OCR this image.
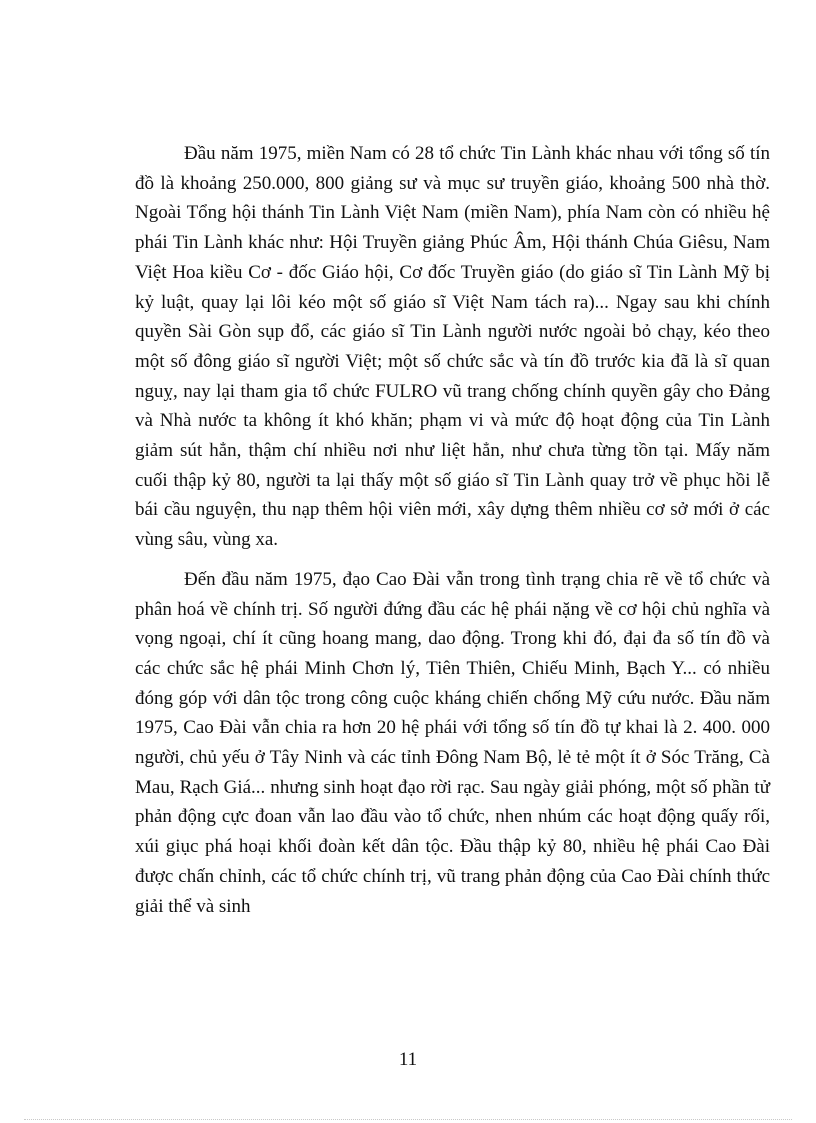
Đầu năm 1975, miền Nam có 28 tổ chức Tin Lành khác nhau với tổng số tín đồ là khoảng 250.000, 800 giảng sư và mục sư truyền giáo, khoảng 500 nhà thờ. Ngoài Tổng hội thánh Tin Lành Việt Nam (miền Nam), phía Nam còn có nhiều hệ phái Tin Lành khác như: Hội Truyền giảng Phúc Âm, Hội thánh Chúa Giêsu, Nam Việt Hoa kiều Cơ - đốc Giáo hội, Cơ đốc Truyền giáo (do giáo sĩ Tin Lành Mỹ bị kỷ luật, quay lại lôi kéo một số giáo sĩ Việt Nam tách ra)... Ngay sau khi chính quyền Sài Gòn sụp đổ, các giáo sĩ Tin Lành người nước ngoài bỏ chạy, kéo theo một số đông giáo sĩ người Việt; một số chức sắc và tín đồ trước kia đã là sĩ quan nguỵ, nay lại tham gia tổ chức FULRO vũ trang chống chính quyền gây cho Đảng và Nhà nước ta không ít khó khăn; phạm vi và mức độ hoạt động của Tin Lành giảm sút hẳn, thậm chí nhiều nơi như liệt hẳn, như chưa từng tồn tại. Mấy năm cuối thập kỷ 80, người ta lại thấy một số giáo sĩ Tin Lành quay trở về phục hồi lễ bái cầu nguyện, thu nạp thêm hội viên mới, xây dựng thêm nhiều cơ sở mới ở các vùng sâu, vùng xa.

Đến đầu năm 1975, đạo Cao Đài vẫn trong tình trạng chia rẽ về tổ chức và phân hoá về chính trị. Số người đứng đầu các hệ phái nặng về cơ hội chủ nghĩa và vọng ngoại, chí ít cũng hoang mang, dao động. Trong khi đó, đại đa số tín đồ và các chức sắc hệ phái Minh Chơn lý, Tiên Thiên, Chiếu Minh, Bạch Y... có nhiều đóng góp với dân tộc trong công cuộc kháng chiến chống Mỹ cứu nước. Đầu năm 1975, Cao Đài vẫn chia ra hơn 20 hệ phái với tổng số tín đồ tự khai là 2. 400. 000 người, chủ yếu ở Tây Ninh và các tỉnh Đông Nam Bộ, lẻ tẻ một ít ở Sóc Trăng, Cà Mau, Rạch Giá... nhưng sinh hoạt đạo rời rạc. Sau ngày giải phóng, một số phần tử phản động cực đoan vẫn lao đầu vào tổ chức, nhen nhúm các hoạt động quấy rối, xúi giục phá hoại khối đoàn kết dân tộc. Đầu thập kỷ 80, nhiều hệ phái Cao Đài được chấn chỉnh, các tổ chức chính trị, vũ trang phản động của Cao Đài chính thức giải thể và sinh

11
